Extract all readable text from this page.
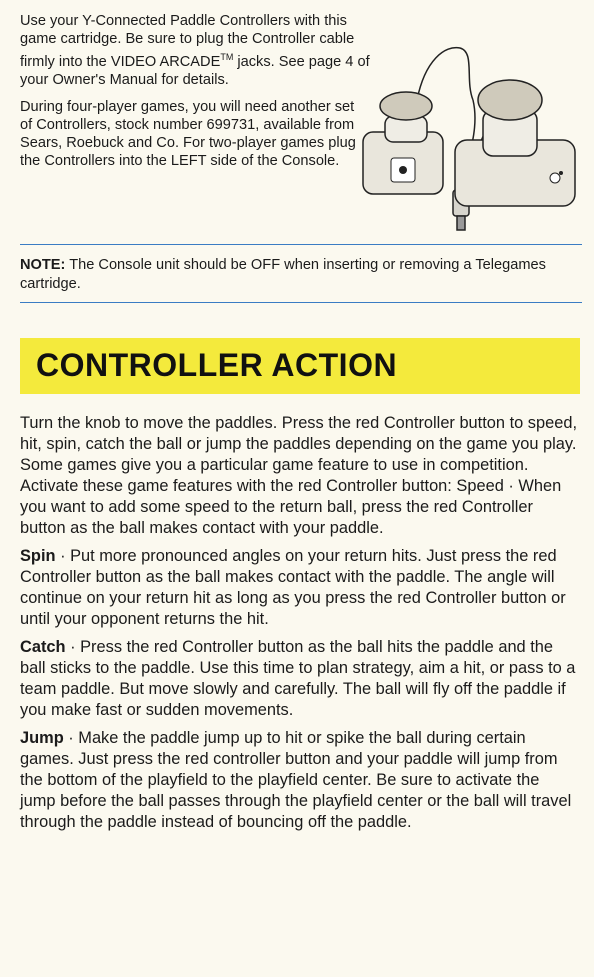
Use your Y-Connected Paddle Controllers with this game cartridge. Be sure to plug the Controller cable firmly into the VIDEO ARCADE™ jacks. See page 4 of your Owner's Manual for details.

During four-player games, you will need another set of Controllers, stock number 699731, available from Sears, Roebuck and Co. For two-player games plug the Controllers into the LEFT side of the Console.

NOTE: The Console unit should be OFF when inserting or removing a Telegames cartridge.
CONTROLLER ACTION

Turn the knob to move the paddles. Press the red Controller button to speed, hit, spin, catch the ball or jump the paddles depending on the game you play. Some games give you a particular game feature to use in competition. Activate these game features with the red Controller button: Speed · When you want to add some speed to the return ball, press the red Controller button as the ball makes contact with your paddle.

Spin · Put more pronounced angles on your return hits. Just press the red Controller button as the ball makes contact with the paddle. The angle will continue on your return hit as long as you press the red Controller button or until your opponent returns the hit.

Catch · Press the red Controller button as the ball hits the paddle and the ball sticks to the paddle. Use this time to plan strategy, aim a hit, or pass to a team paddle. But move slowly and carefully. The ball will fly off the paddle if you make fast or sudden movements.

Jump · Make the paddle jump up to hit or spike the ball during certain games. Just press the red controller button and your paddle will jump from the bottom of the playfield to the playfield center. Be sure to activate the jump before the ball passes through the playfield center or the ball will travel through the paddle instead of bouncing off the paddle.
